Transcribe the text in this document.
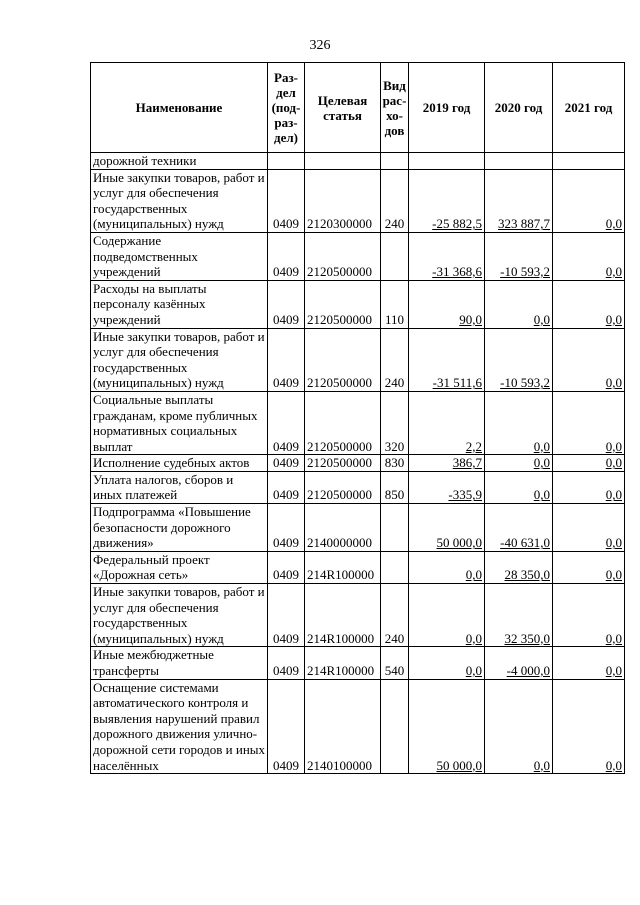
326
Наименование	Раз-дел (под-раз-дел)	Целевая статья	Вид рас-хо-дов	2019 год	2020 год	2021 год
дорожной техники						
Иные закупки товаров, работ и услуг для обеспечения государственных (муниципальных) нужд	0409	2120300000	240	-25 882,5	323 887,7	0,0
Содержание подведомственных учреждений	0409	2120500000		-31 368,6	-10 593,2	0,0
Расходы на выплаты персоналу казённых учреждений	0409	2120500000	110	90,0	0,0	0,0
Иные закупки товаров, работ и услуг для обеспечения государственных (муниципальных) нужд	0409	2120500000	240	-31 511,6	-10 593,2	0,0
Социальные выплаты гражданам, кроме публичных нормативных социальных выплат	0409	2120500000	320	2,2	0,0	0,0
Исполнение судебных актов	0409	2120500000	830	386,7	0,0	0,0
Уплата налогов, сборов и иных платежей	0409	2120500000	850	-335,9	0,0	0,0
Подпрограмма «Повышение безопасности дорожного движения»	0409	2140000000		50 000,0	-40 631,0	0,0
Федеральный проект «Дорожная сеть»	0409	214R100000		0,0	28 350,0	0,0
Иные закупки товаров, работ и услуг для обеспечения государственных (муниципальных) нужд	0409	214R100000	240	0,0	32 350,0	0,0
Иные межбюджетные трансферты	0409	214R100000	540	0,0	-4 000,0	0,0
Оснащение системами автоматического контроля и выявления нарушений правил дорожного движения улично-дорожной сети городов и иных населённых	0409	2140100000		50 000,0	0,0	0,0
